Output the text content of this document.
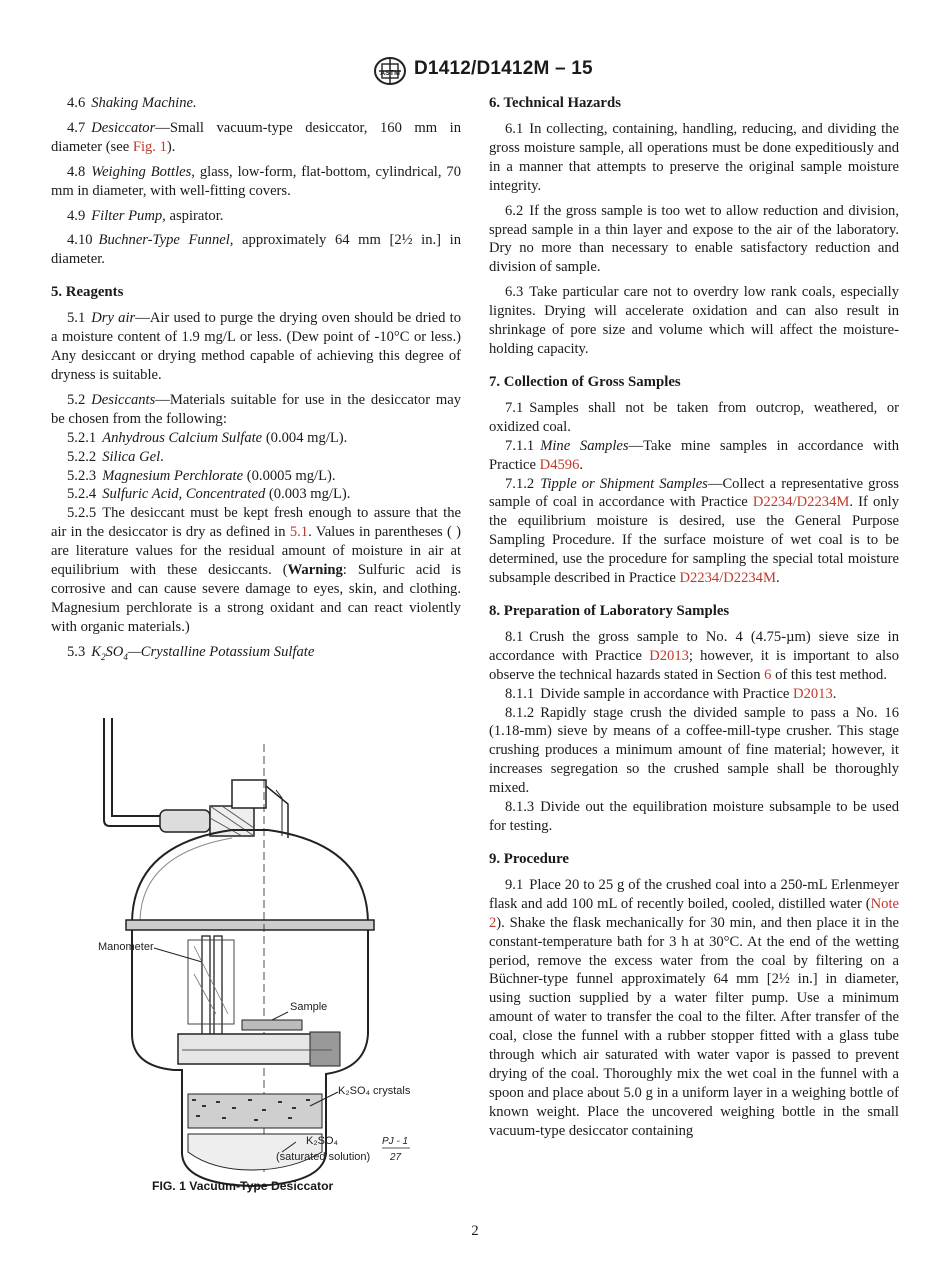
ASTM D1412/D1412M – 15

4.6 Shaking Machine.

4.7 Desiccator—Small vacuum-type desiccator, 160 mm in diameter (see Fig. 1).

4.8 Weighing Bottles, glass, low-form, flat-bottom, cylindrical, 70 mm in diameter, with well-fitting covers.

4.9 Filter Pump, aspirator.

4.10 Buchner-Type Funnel, approximately 64 mm [2½ in.] in diameter.

5. Reagents

5.1 Dry air—Air used to purge the drying oven should be dried to a moisture content of 1.9 mg/L or less. (Dew point of -10°C or less.) Any desiccant or drying method capable of achieving this degree of dryness is suitable.

5.2 Desiccants—Materials suitable for use in the desiccator may be chosen from the following:

5.2.1 Anhydrous Calcium Sulfate (0.004 mg/L).

5.2.2 Silica Gel.

5.2.3 Magnesium Perchlorate (0.0005 mg/L).

5.2.4 Sulfuric Acid, Concentrated (0.003 mg/L).

5.2.5 The desiccant must be kept fresh enough to assure that the air in the desiccator is dry as defined in 5.1. Values in parentheses ( ) are literature values for the residual amount of moisture in air at equilibrium with these desiccants. (Warning: Sulfuric acid is corrosive and can cause severe damage to eyes, skin, and clothing. Magnesium perchlorate is a strong oxidant and can react violently with organic materials.)

5.3 $K_2SO_4—Crystalline$ Potassium Sulfate

Manometer
Sample
K₂SO₄ crystals
K₂SO₄
(saturated solution)
PJ - 1
27
FIG. 1 Vacuum-Type Desiccator
6. Technical Hazards

6.1 In collecting, containing, handling, reducing, and dividing the gross moisture sample, all operations must be done expeditiously and in a manner that attempts to preserve the original sample moisture integrity.

6.2 If the gross sample is too wet to allow reduction and division, spread sample in a thin layer and expose to the air of the laboratory. Dry no more than necessary to enable satisfactory reduction and division of sample.

6.3 Take particular care not to overdry low rank coals, especially lignites. Drying will accelerate oxidation and can also result in shrinkage of pore size and volume which will affect the moisture-holding capacity.

7. Collection of Gross Samples

7.1 Samples shall not be taken from outcrop, weathered, or oxidized coal.

7.1.1 Mine Samples—Take mine samples in accordance with Practice D4596.

7.1.2 Tipple or Shipment Samples—Collect a representative gross sample of coal in accordance with Practice D2234/D2234M. If only the equilibrium moisture is desired, use the General Purpose Sampling Procedure. If the surface moisture of wet coal is to be determined, use the procedure for sampling the special total moisture subsample described in Practice D2234/D2234M.

8. Preparation of Laboratory Samples

8.1 Crush the gross sample to No. 4 (4.75-µm) sieve size in accordance with Practice D2013; however, it is important to also observe the technical hazards stated in Section 6 of this test method.

8.1.1 Divide sample in accordance with Practice D2013.

8.1.2 Rapidly stage crush the divided sample to pass a No. 16 (1.18-mm) sieve by means of a coffee-mill-type crusher. This stage crushing produces a minimum amount of fine material; however, it increases segregation so the crushed sample shall be thoroughly mixed.

8.1.3 Divide out the equilibration moisture subsample to be used for testing.

9. Procedure

9.1 Place 20 to 25 g of the crushed coal into a 250-mL Erlenmeyer flask and add 100 mL of recently boiled, cooled, distilled water (Note 2). Shake the flask mechanically for 30 min, and then place it in the constant-temperature bath for 3 h at 30°C. At the end of the wetting period, remove the excess water from the coal by filtering on a Büchner-type funnel approximately 64 mm [2½ in.] in diameter, using suction supplied by a water filter pump. Use a minimum amount of water to transfer the coal to the filter. After transfer of the coal, close the funnel with a rubber stopper fitted with a glass tube through which air saturated with water vapor is passed to prevent drying of the coal. Thoroughly mix the wet coal in the funnel with a spoon and place about 5.0 g in a uniform layer in a weighing bottle of known weight. Place the uncovered weighing bottle in the small vacuum-type desiccator containing

2
